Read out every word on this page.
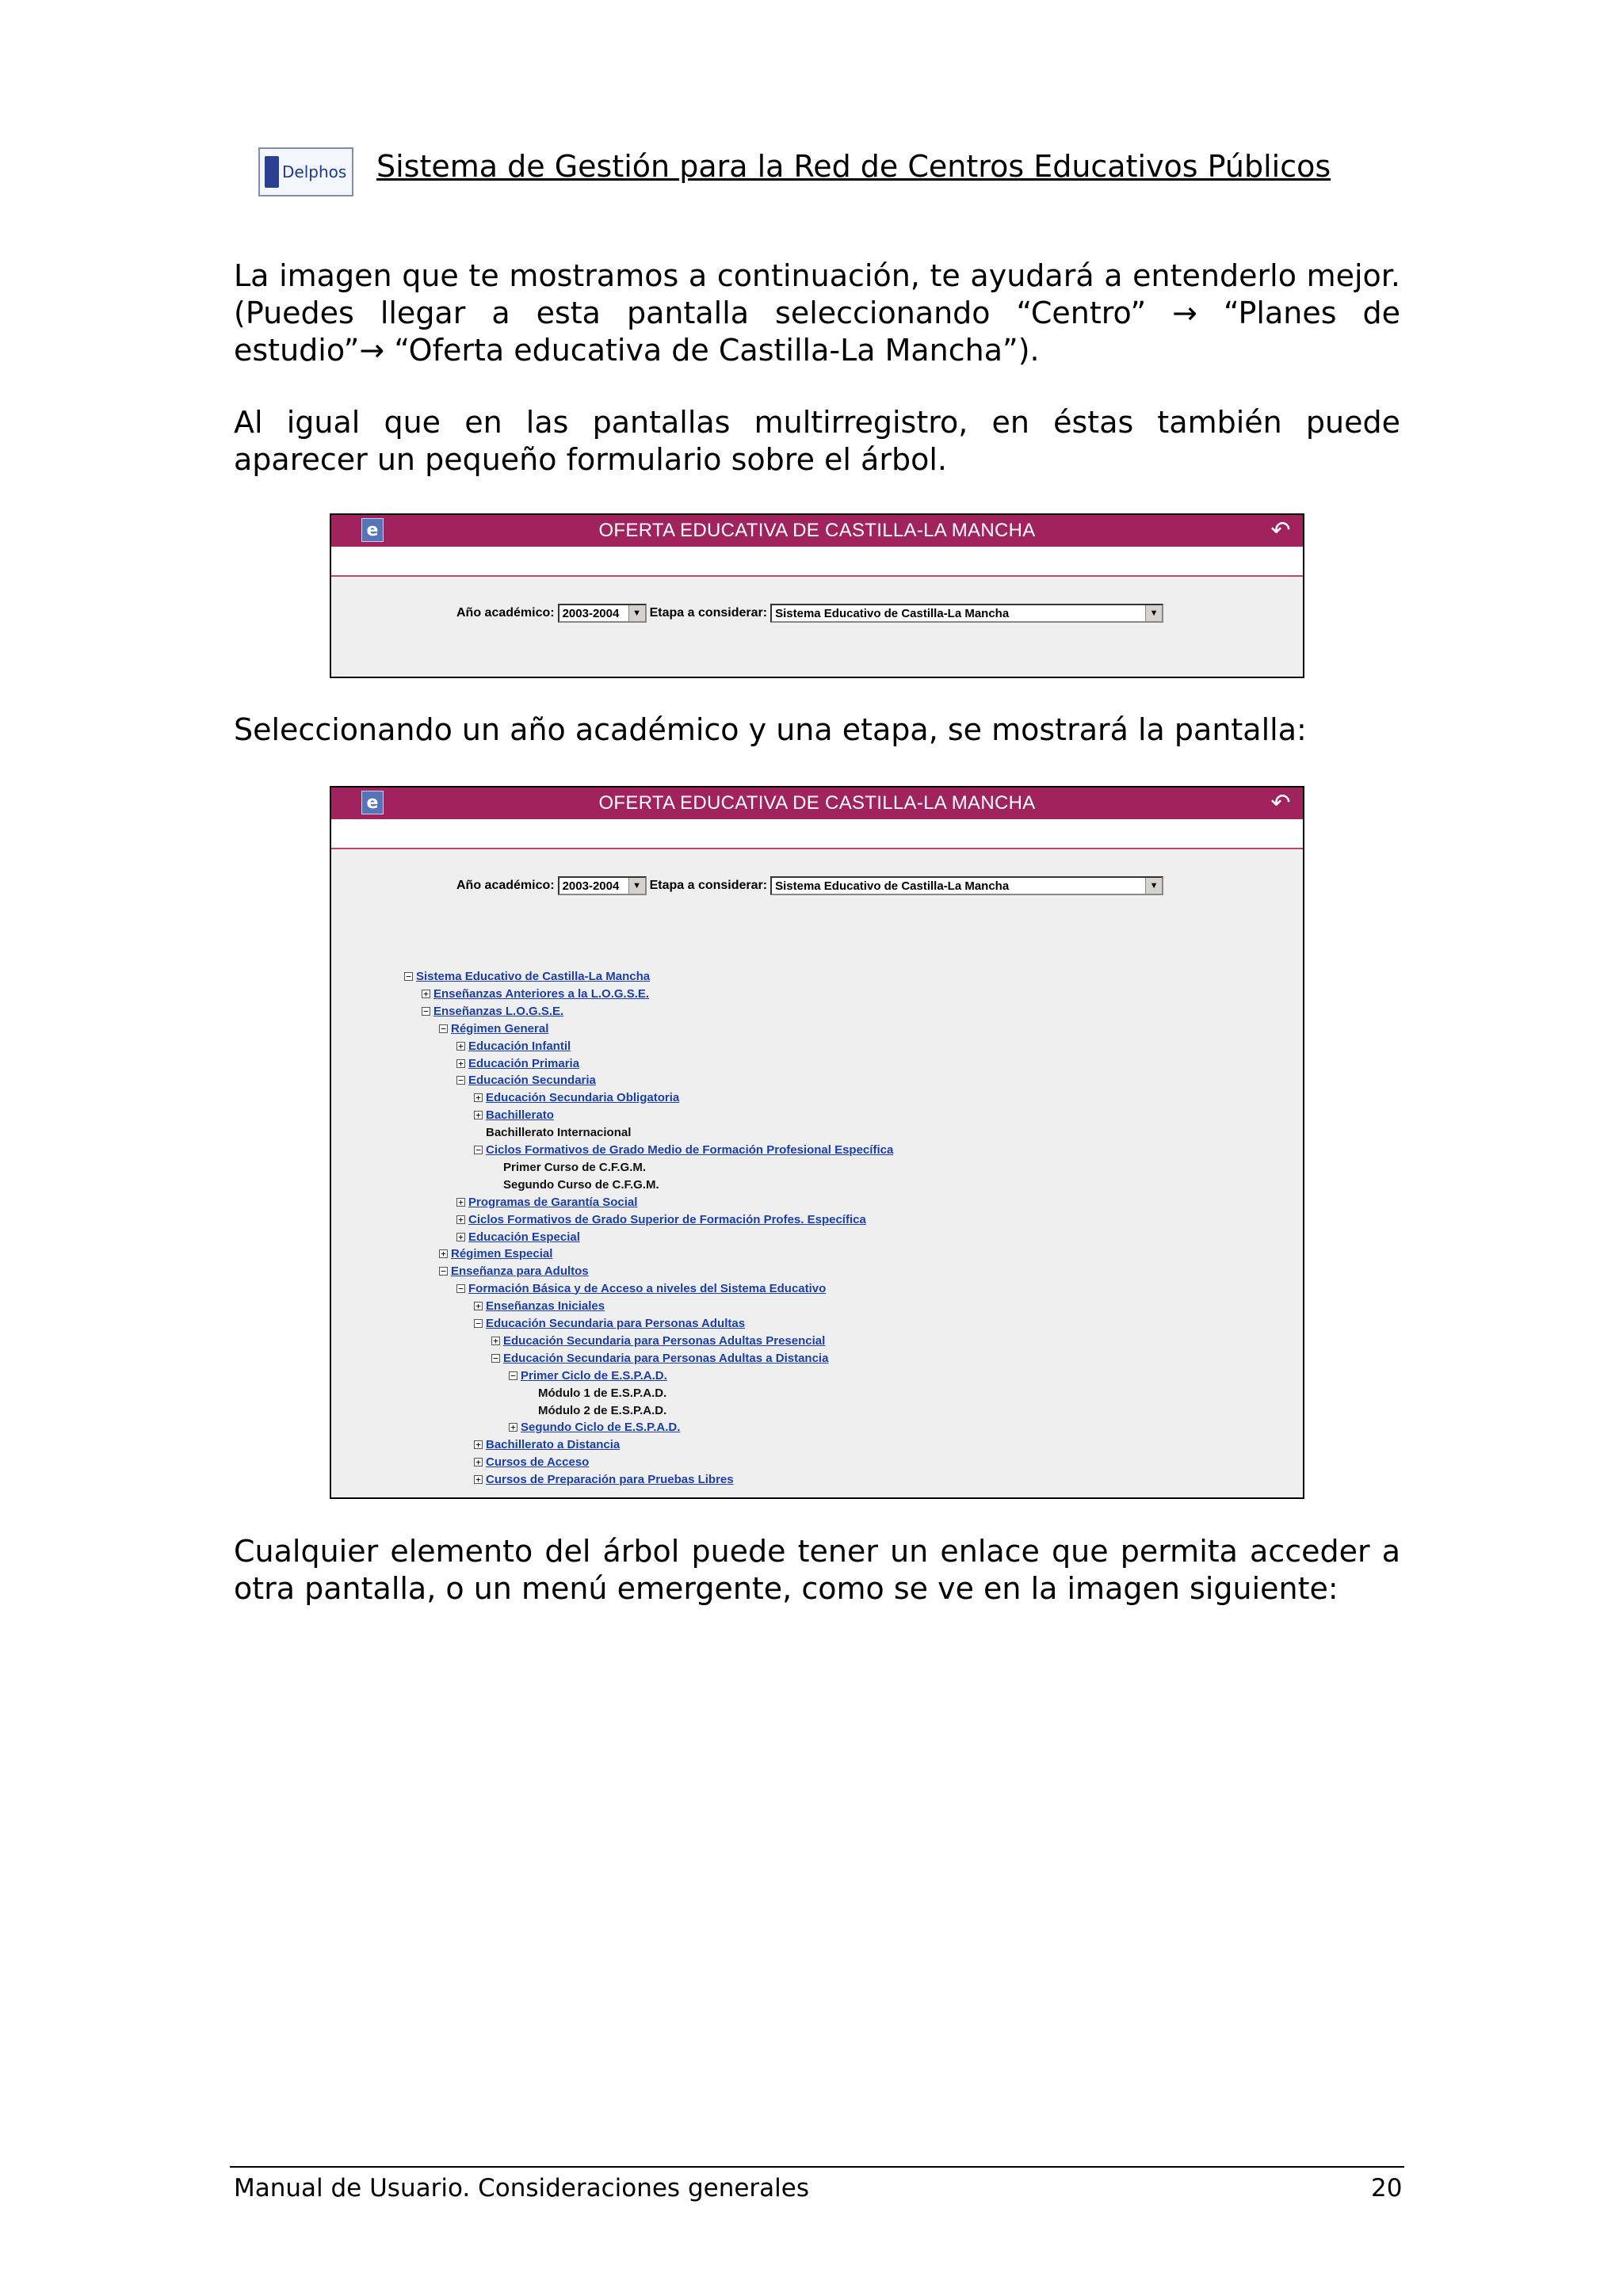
Delphos Sistema de Gestión para la Red de Centros Educativos Públicos
La imagen que te mostramos a continuación, te ayudará a entenderlo mejor. (Puedes llegar a esta pantalla seleccionando “Centro” → “Planes de estudio”→ “Oferta educativa de Castilla-La Mancha”).
Al igual que en las pantallas multirregistro, en éstas también puede aparecer un pequeño formulario sobre el árbol.
e	OFERTA EDUCATIVA DE CASTILLA-LA MANCHA	↶
Año académico: 2003-2004	▼ Etapa a considerar: Sistema Educativo de Castilla-La Mancha	▼
Seleccionando un año académico y una etapa, se mostrará la pantalla:
e	OFERTA EDUCATIVA DE CASTILLA-LA MANCHA	↶
Año académico: 2003-2004	▼ Etapa a considerar: Sistema Educativo de Castilla-La Mancha	▼
− Sistema Educativo de Castilla-La Mancha
+ Enseñanzas Anteriores a la L.O.G.S.E.
− Enseñanzas L.O.G.S.E.
− Régimen General
+ Educación Infantil
+ Educación Primaria
− Educación Secundaria
+ Educación Secundaria Obligatoria
+ Bachillerato
Bachillerato Internacional
− Ciclos Formativos de Grado Medio de Formación Profesional Específica
Primer Curso de C.F.G.M.
Segundo Curso de C.F.G.M.
+ Programas de Garantía Social
+ Ciclos Formativos de Grado Superior de Formación Profes. Específica
+ Educación Especial
+ Régimen Especial
− Enseñanza para Adultos
− Formación Básica y de Acceso a niveles del Sistema Educativo
+ Enseñanzas Iniciales
− Educación Secundaria para Personas Adultas
+ Educación Secundaria para Personas Adultas Presencial
− Educación Secundaria para Personas Adultas a Distancia
− Primer Ciclo de E.S.P.A.D.
Módulo 1 de E.S.P.A.D.
Módulo 2 de E.S.P.A.D.
+ Segundo Ciclo de E.S.P.A.D.
+ Bachillerato a Distancia
+ Cursos de Acceso
+ Cursos de Preparación para Pruebas Libres
Cualquier elemento del árbol puede tener un enlace que permita acceder a otra pantalla, o un menú emergente, como se ve en la imagen siguiente:
Manual de Usuario. Consideraciones generales	20
